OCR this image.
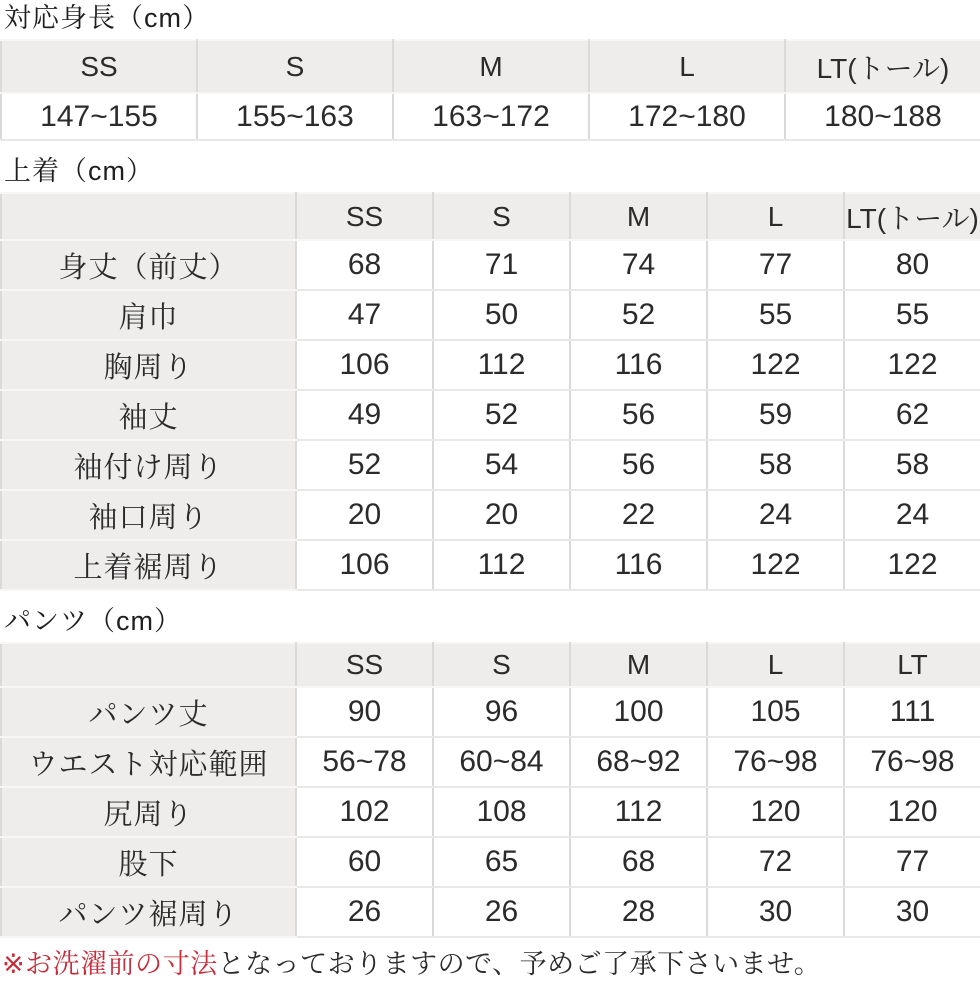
対応身長（cm）
SS	S	M	L	LT(トール)
147~155	155~163	163~172	172~180	180~188
上着（cm）
	SS	S	M	L	LT(トール)
身丈（前丈）	68	71	74	77	80
肩巾	47	50	52	55	55
胸周り	106	112	116	122	122
袖丈	49	52	56	59	62
袖付け周り	52	54	56	58	58
袖口周り	20	20	22	24	24
上着裾周り	106	112	116	122	122
パンツ（cm）
	SS	S	M	L	LT
パンツ丈	90	96	100	105	111
ウエスト対応範囲	56~78	60~84	68~92	76~98	76~98
尻周り	102	108	112	120	120
股下	60	65	68	72	77
パンツ裾周り	26	26	28	30	30
※お洗濯前の寸法となっておりますので、予めご了承下さいませ。
